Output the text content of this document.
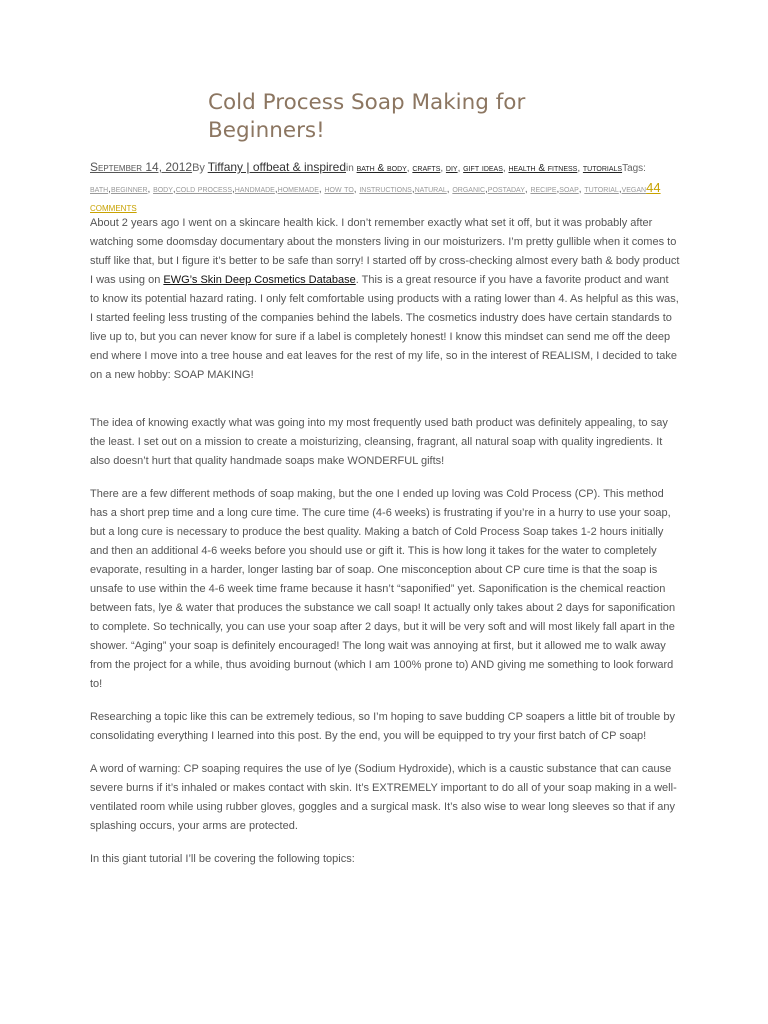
Cold Process Soap Making for Beginners!
September 14, 2012By Tiffany | offbeat & inspiredin bath & body, crafts, diy, gift ideas, health & fitness, tutorialsTags: bath,beginner, body,cold process,handmade,homemade, how to, instructions,natural, organic,postaday, recipe,soap, tutorial,vegan44 comments

About 2 years ago I went on a skincare health kick. I don’t remember exactly what set it off, but it was probably after watching some doomsday documentary about the monsters living in our moisturizers. I’m pretty gullible when it comes to stuff like that, but I figure it’s better to be safe than sorry! I started off by cross-checking almost every bath & body product I was using on EWG’s Skin Deep Cosmetics Database. This is a great resource if you have a favorite product and want to know its potential hazard rating. I only felt comfortable using products with a rating lower than 4. As helpful as this was, I started feeling less trusting of the companies behind the labels. The cosmetics industry does have certain standards to live up to, but you can never know for sure if a label is completely honest! I know this mindset can send me off the deep end where I move into a tree house and eat leaves for the rest of my life, so in the interest of REALISM, I decided to take on a new hobby: SOAP MAKING!

The idea of knowing exactly what was going into my most frequently used bath product was definitely appealing, to say the least. I set out on a mission to create a moisturizing, cleansing, fragrant, all natural soap with quality ingredients. It also doesn’t hurt that quality handmade soaps make WONDERFUL gifts!

There are a few different methods of soap making, but the one I ended up loving was Cold Process (CP). This method has a short prep time and a long cure time. The cure time (4-6 weeks) is frustrating if you’re in a hurry to use your soap, but a long cure is necessary to produce the best quality. Making a batch of Cold Process Soap takes 1-2 hours initially and then an additional 4-6 weeks before you should use or gift it. This is how long it takes for the water to completely evaporate, resulting in a harder, longer lasting bar of soap. One misconception about CP cure time is that the soap is unsafe to use within the 4-6 week time frame because it hasn’t “saponified” yet. Saponification is the chemical reaction between fats, lye & water that produces the substance we call soap! It actually only takes about 2 days for saponification to complete. So technically, you can use your soap after 2 days, but it will be very soft and will most likely fall apart in the shower. “Aging” your soap is definitely encouraged! The long wait was annoying at first, but it allowed me to walk away from the project for a while, thus avoiding burnout (which I am 100% prone to) AND giving me something to look forward to!

Researching a topic like this can be extremely tedious, so I’m hoping to save budding CP soapers a little bit of trouble by consolidating everything I learned into this post. By the end, you will be equipped to try your first batch of CP soap!

A word of warning: CP soaping requires the use of lye (Sodium Hydroxide), which is a caustic substance that can cause severe burns if it’s inhaled or makes contact with skin. It’s EXTREMELY important to do all of your soap making in a well-ventilated room while using rubber gloves, goggles and a surgical mask. It’s also wise to wear long sleeves so that if any splashing occurs, your arms are protected.

In this giant tutorial I’ll be covering the following topics:
